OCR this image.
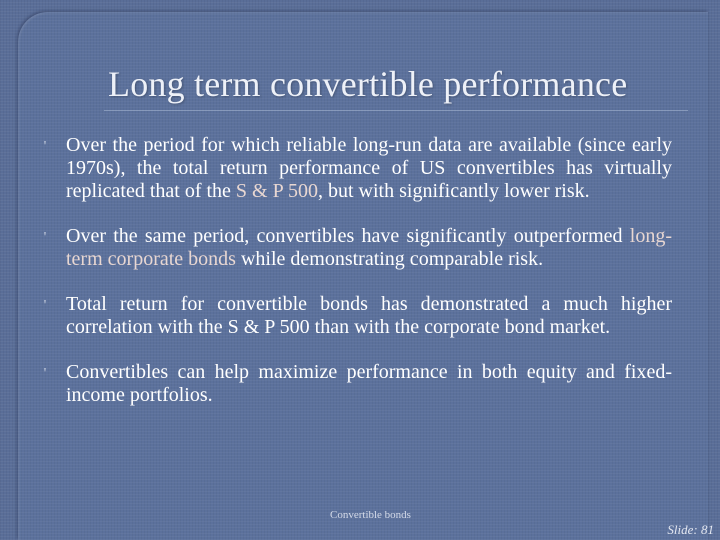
Long term convertible performance
ꞌ Over the period for which reliable long-run data are available (since early 1970s), the total return performance of US convertibles has virtually replicated that of the S & P 500, but with significantly lower risk.
ꞌ Over the same period, convertibles have significantly outperformed long-term corporate bonds while demonstrating comparable risk.
ꞌ Total return for convertible bonds has demonstrated a much higher correlation with the S & P 500 than with the corporate bond market.
ꞌ Convertibles can help maximize performance in both equity and fixed-income portfolios.
Convertible bonds
Slide: 81
